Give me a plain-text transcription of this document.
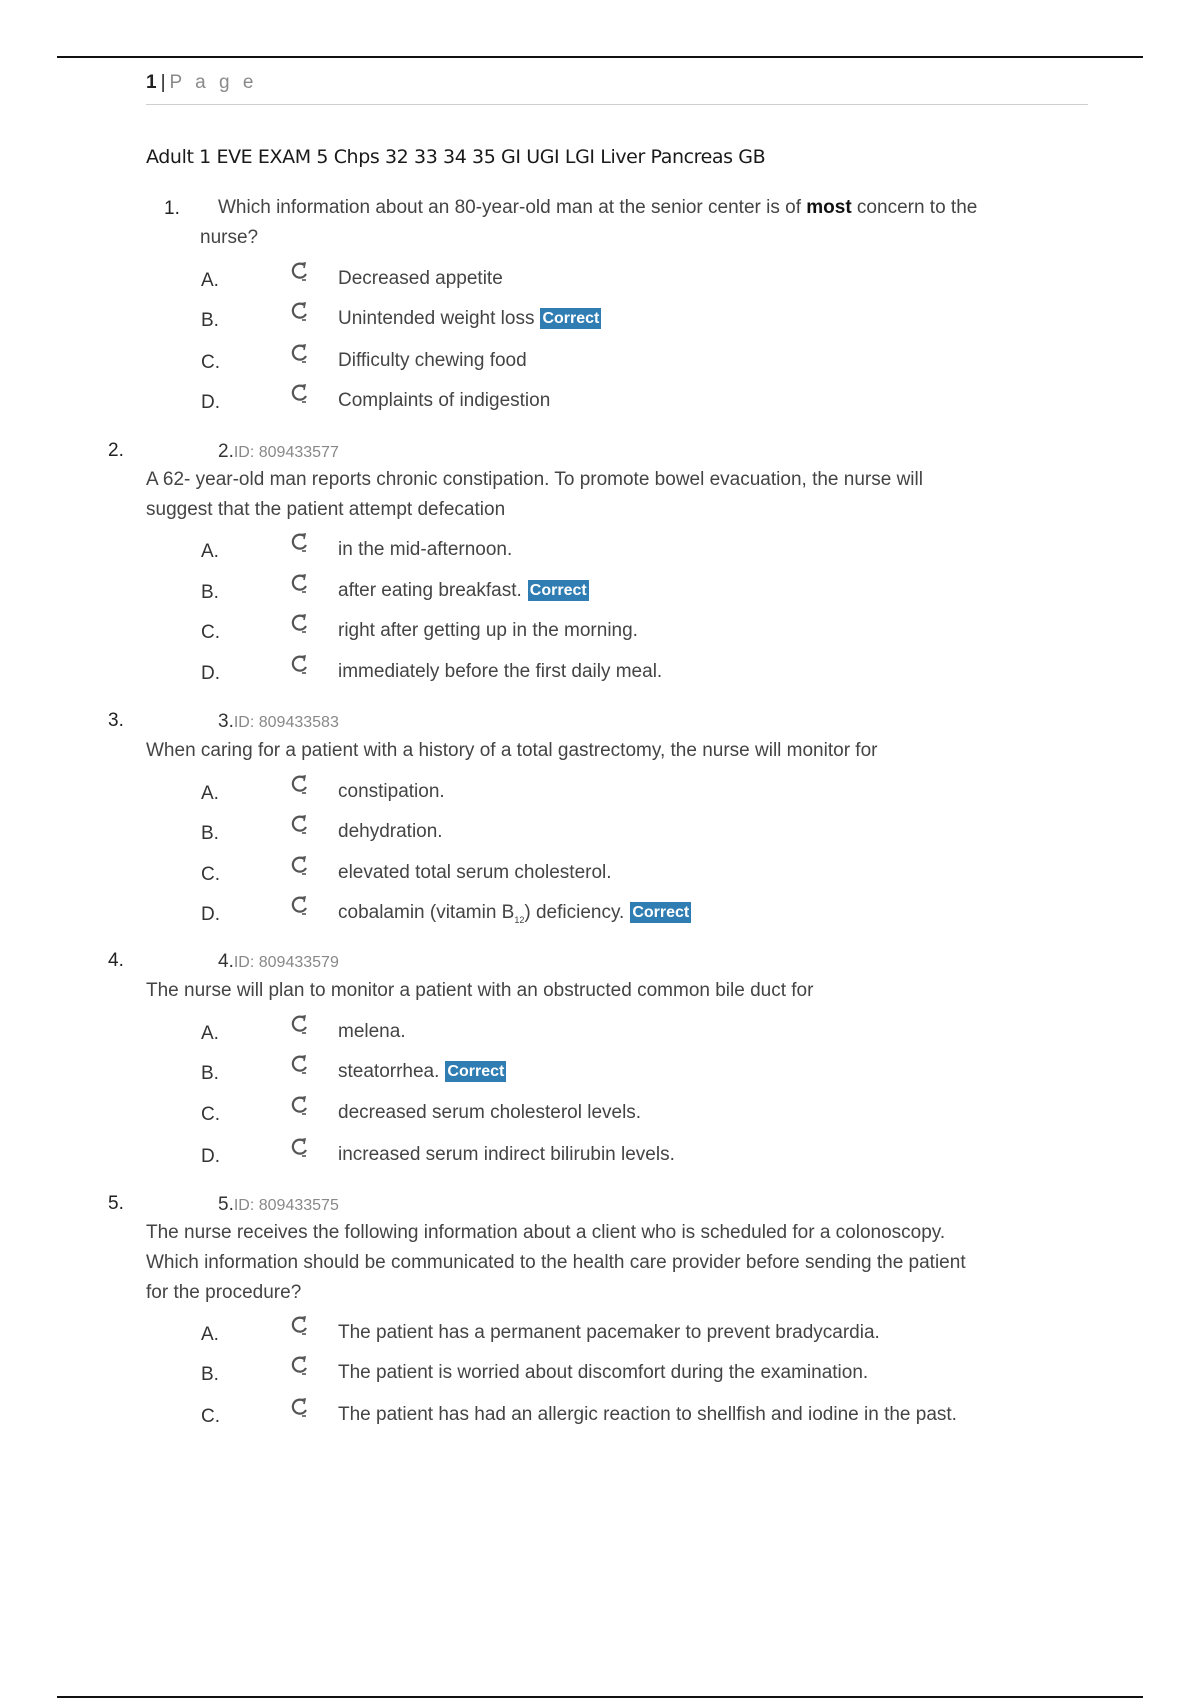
1 | P a g e
Adult 1 EVE EXAM 5 Chps 32 33 34 35 GI UGI LGI Liver Pancreas GB
1. Which information about an 80-year-old man at the senior center is of most concern to the
nurse?
A.	Decreased appetite
B.	Unintended weight loss Correct
C.	Difficulty chewing food
D.	Complaints of indigestion
2.	2.ID: 809433577
A 62- year-old man reports chronic constipation. To promote bowel evacuation, the nurse will
suggest that the patient attempt defecation
A.	in the mid-afternoon.
B.	after eating breakfast. Correct
C.	right after getting up in the morning.
D.	immediately before the first daily meal.
3.	3.ID: 809433583
When caring for a patient with a history of a total gastrectomy, the nurse will monitor for
A.	constipation.
B.	dehydration.
C.	elevated total serum cholesterol.
D.	cobalamin (vitamin $B_{12}$) deficiency. Correct
4.	4.ID: 809433579
The nurse will plan to monitor a patient with an obstructed common bile duct for
A.	melena.
B.	steatorrhea. Correct
C.	decreased serum cholesterol levels.
D.	increased serum indirect bilirubin levels.
5.	5.ID: 809433575
The nurse receives the following information about a client who is scheduled for a colonoscopy.
Which information should be communicated to the health care provider before sending the patient
for the procedure?
A.	The patient has a permanent pacemaker to prevent bradycardia.
B.	The patient is worried about discomfort during the examination.
C.	The patient has had an allergic reaction to shellfish and iodine in the past.
